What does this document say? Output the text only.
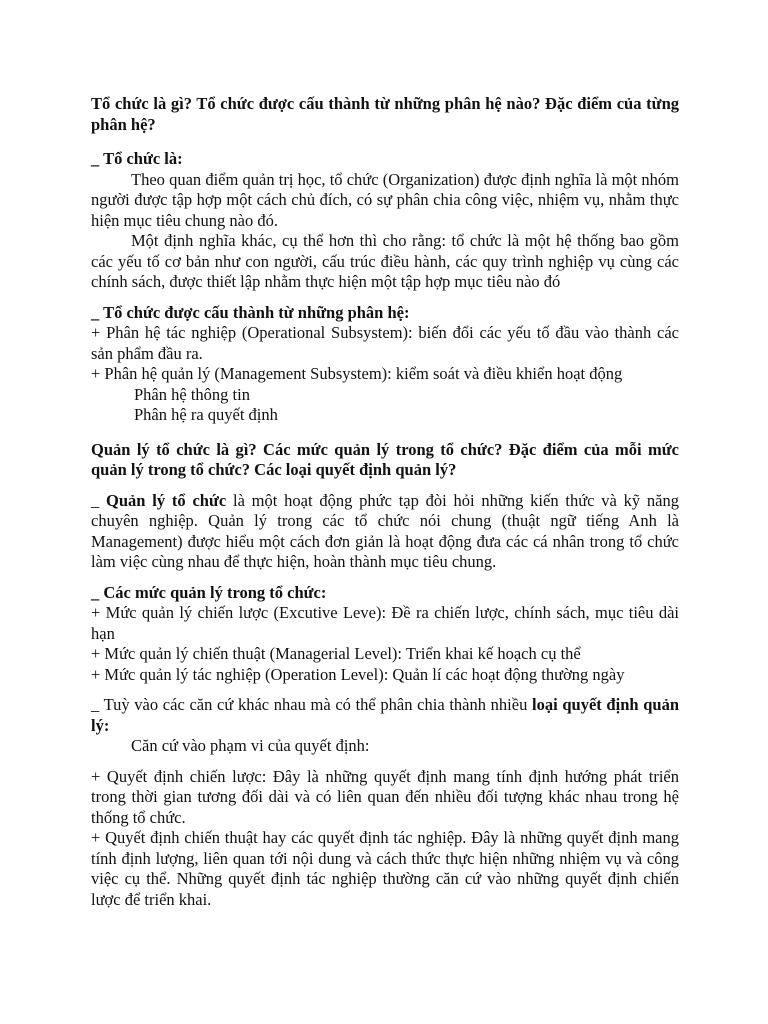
Tổ chức là gì? Tổ chức được cấu thành từ những phân hệ nào? Đặc điểm của từng phân hệ?

_ Tổ chức là:

Theo quan điểm quản trị học, tổ chức (Organization) được định nghĩa là một nhóm người được tập hợp một cách chủ đích, có sự phân chia công việc, nhiệm vụ, nhằm thực hiện mục tiêu chung nào đó.

Một định nghĩa khác, cụ thể hơn thì cho rằng: tổ chức là một hệ thống bao gồm các yếu tố cơ bản như con người, cấu trúc điều hành, các quy trình nghiệp vụ cùng các chính sách, được thiết lập nhằm thực hiện một tập hợp mục tiêu nào đó

_ Tổ chức được cấu thành từ những phân hệ:

+ Phân hệ tác nghiệp (Operational Subsystem): biến đổi các yếu tố đầu vào thành các sản phẩm đầu ra.

+ Phân hệ quản lý (Management Subsystem): kiểm soát và điều khiển hoạt động

Phân hệ thông tin

Phân hệ ra quyết định

Quản lý tổ chức là gì? Các mức quản lý trong tổ chức? Đặc điểm của mỗi mức quản lý trong tổ chức? Các loại quyết định quản lý?

_ Quản lý tổ chức là một hoạt động phức tạp đòi hỏi những kiến thức và kỹ năng chuyên nghiệp. Quản lý trong các tổ chức nói chung (thuật ngữ tiếng Anh là Management) được hiểu một cách đơn giản là hoạt động đưa các cá nhân trong tổ chức làm việc cùng nhau để thực hiện, hoàn thành mục tiêu chung.

_ Các mức quản lý trong tổ chức:

+ Mức quản lý chiến lược (Excutive Leve): Đề ra chiến lược, chính sách, mục tiêu dài hạn

+ Mức quản lý chiến thuật (Managerial Level): Triển khai kế hoạch cụ thể

+ Mức quản lý tác nghiệp (Operation Level): Quản lí các hoạt động thường ngày

_ Tuỳ vào các căn cứ khác nhau mà có thể phân chia thành nhiều loại quyết định quản lý:

Căn cứ vào phạm vi của quyết định:

+ Quyết định chiến lược: Đây là những quyết định mang tính định hướng phát triển trong thời gian tương đối dài và có liên quan đến nhiều đối tượng khác nhau trong hệ thống tổ chức.

+ Quyết định chiến thuật hay các quyết định tác nghiệp. Đây là những quyết định mang tính định lượng, liên quan tới nội dung và cách thức thực hiện những nhiệm vụ và công việc cụ thể. Những quyết định tác nghiệp thường căn cứ vào những quyết định chiến lược để triển khai.
